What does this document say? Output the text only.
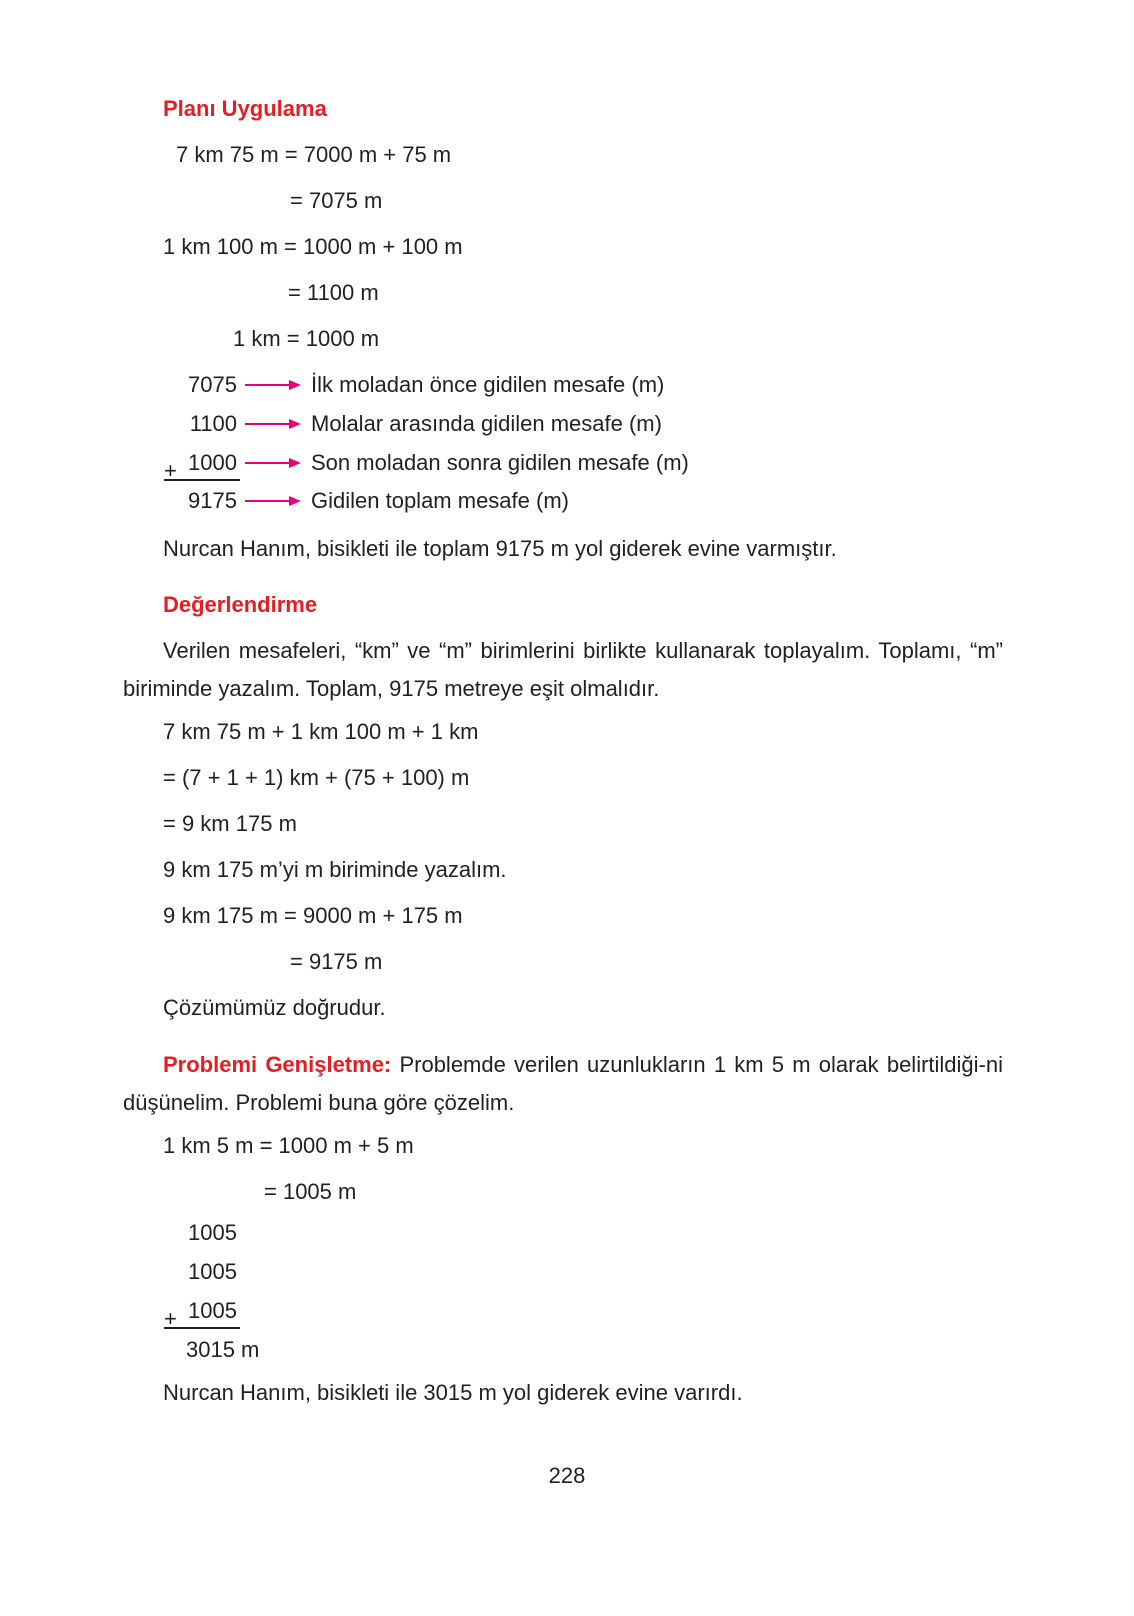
Planı Uygulama
7 km 75 m = 7000 m + 75 m
= 7075 m
1 km 100 m = 1000 m + 100 m
= 1100 m
1 km = 1000 m
7075	İlk moladan önce gidilen mesafe (m)
1100	Molalar arasında gidilen mesafe (m)
+ 1000	Son moladan sonra gidilen mesafe (m)
9175	Gidilen toplam mesafe (m)
Nurcan Hanım, bisikleti ile toplam 9175 m yol giderek evine varmıştır.
Değerlendirme
Verilen mesafeleri, “km” ve “m” birimlerini birlikte kullanarak toplayalım. Toplamı, “m” biriminde yazalım. Toplam, 9175 metreye eşit olmalıdır.
7 km 75 m + 1 km 100 m + 1 km
= (7 + 1 + 1) km + (75 + 100) m
= 9 km 175 m
9 km 175 m’yi m biriminde yazalım.
9 km 175 m = 9000 m + 175 m
= 9175 m
Çözümümüz doğrudur.
Problemi Genişletme: Problemde verilen uzunlukların 1 km 5 m olarak belirtildiği-ni düşünelim. Problemi buna göre çözelim.
1 km 5 m = 1000 m + 5 m
= 1005 m
1005
1005
+ 1005
3015 m
Nurcan Hanım, bisikleti ile 3015 m yol giderek evine varırdı.
228
